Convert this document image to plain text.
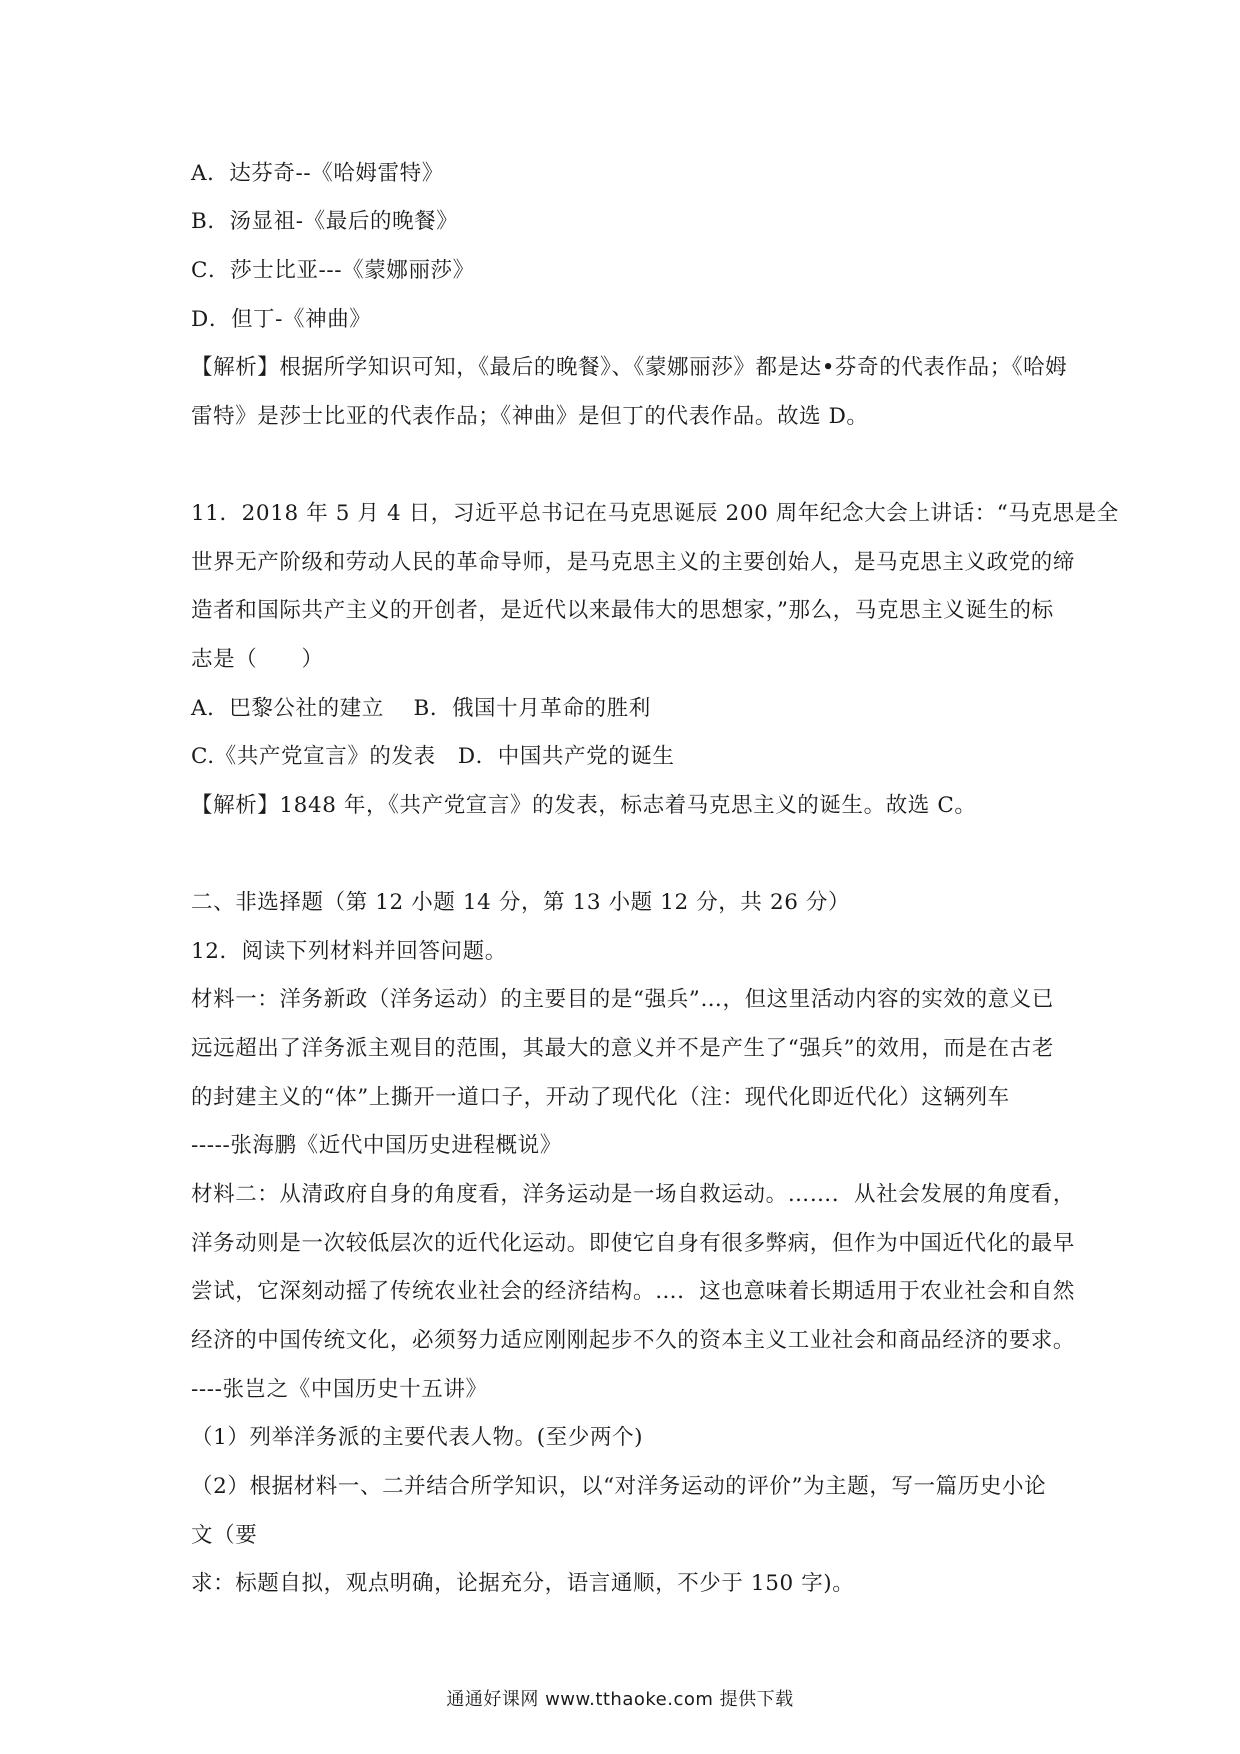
A．达芬奇--《哈姆雷特》
B．汤显祖-《最后的晚餐》
C．莎士比亚---《蒙娜丽莎》
D．但丁-《神曲》
【解析】根据所学知识可知，《最后的晚餐》、《蒙娜丽莎》都是达•芬奇的代表作品；《哈姆
雷特》是莎士比亚的代表作品；《神曲》是但丁的代表作品。故选 D。
11．2018 年 5 月 4 日，习近平总书记在马克思诞辰 200 周年纪念大会上讲话：“马克思是全
世界无产阶级和劳动人民的革命导师，是马克思主义的主要创始人，是马克思主义政党的缔
造者和国际共产主义的开创者，是近代以来最伟大的思想家，”那么，马克思主义诞生的标
志是（　　）
A．巴黎公社的建立　 B．俄国十月革命的胜利
C.《共产党宣言》的发表　D．中国共产党的诞生
【解析】1848 年，《共产党宣言》的发表，标志着马克思主义的诞生。故选 C。
二、非选择题（第 12 小题 14 分，第 13 小题 12 分，共 26 分）
12．阅读下列材料并回答问题。
材料一：洋务新政（洋务运动）的主要目的是“强兵”…，但这里活动内容的实效的意义已
远远超出了洋务派主观目的范围，其最大的意义并不是产生了“强兵”的效用，而是在古老
的封建主义的“体”上撕开一道口子，开动了现代化（注：现代化即近代化）这辆列车
-----张海鹏《近代中国历史进程概说》
材料二：从清政府自身的角度看，洋务运动是一场自救运动。……．从社会发展的角度看，
洋务动则是一次较低层次的近代化运动。即使它自身有很多弊病，但作为中国近代化的最早
尝试，它深刻动摇了传统农业社会的经济结构。…．这也意味着长期适用于农业社会和自然
经济的中国传统文化，必须努力适应刚刚起步不久的资本主义工业社会和商品经济的要求。
----张岂之《中国历史十五讲》
（1）列举洋务派的主要代表人物。(至少两个)
（2）根据材料一、二并结合所学知识，以“对洋务运动的评价”为主题，写一篇历史小论
文（要
求：标题自拟，观点明确，论据充分，语言通顺，不少于 150 字)。
通通好课网 www.tthaoke.com 提供下载
